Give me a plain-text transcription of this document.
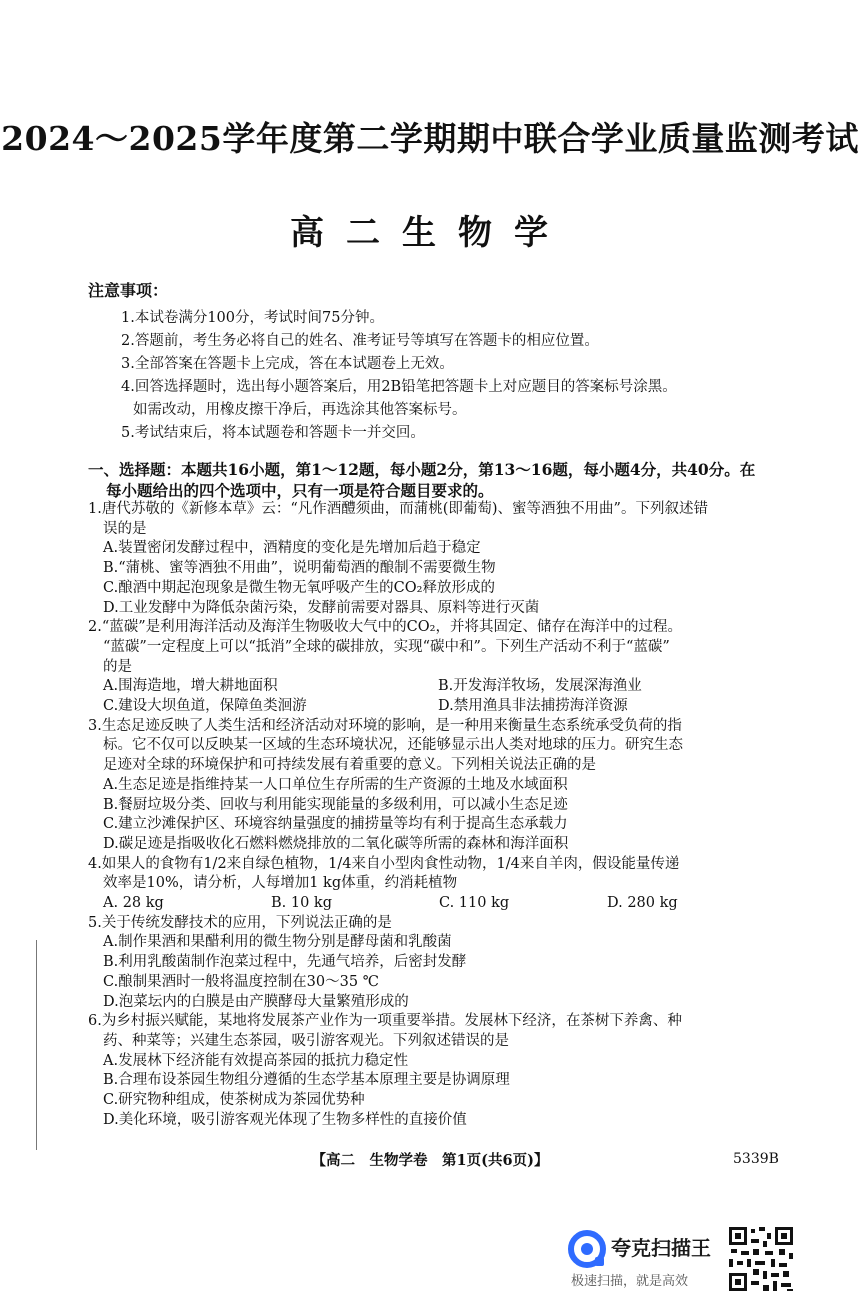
2024～2025学年度第二学期期中联合学业质量监测考试
高二生物学

注意事项：

1.本试卷满分100分，考试时间75分钟。

2.答题前，考生务必将自己的姓名、准考证号等填写在答题卡的相应位置。

3.全部答案在答题卡上完成，答在本试题卷上无效。

4.回答选择题时，选出每小题答案后，用2B铅笔把答题卡上对应题目的答案标号涂黑。

如需改动，用橡皮擦干净后，再选涂其他答案标号。

5.考试结束后，将本试题卷和答题卡一并交回。

一、选择题：本题共16小题，第1～12题，每小题2分，第13～16题，每小题4分，共40分。在
每小题给出的四个选项中，只有一项是符合题目要求的。

1.唐代苏敬的《新修本草》云：“凡作酒醴须曲，而蒲桃(即葡萄)、蜜等酒独不用曲”。下列叙述错
误的是
A.装置密闭发酵过程中，酒精度的变化是先增加后趋于稳定
B.“蒲桃、蜜等酒独不用曲”，说明葡萄酒的酿制不需要微生物
C.酿酒中期起泡现象是微生物无氧呼吸产生的CO₂释放形成的
D.工业发酵中为降低杂菌污染，发酵前需要对器具、原料等进行灭菌
2.“蓝碳”是利用海洋活动及海洋生物吸收大气中的CO₂，并将其固定、储存在海洋中的过程。
“蓝碳”一定程度上可以“抵消”全球的碳排放，实现“碳中和”。下列生产活动不利于“蓝碳”
的是
A.围海造地，增大耕地面积	B.开发海洋牧场，发展深海渔业
C.建设大坝鱼道，保障鱼类洄游	D.禁用渔具非法捕捞海洋资源
3.生态足迹反映了人类生活和经济活动对环境的影响，是一种用来衡量生态系统承受负荷的指
标。它不仅可以反映某一区域的生态环境状况，还能够显示出人类对地球的压力。研究生态
足迹对全球的环境保护和可持续发展有着重要的意义。下列相关说法正确的是
A.生态足迹是指维持某一人口单位生存所需的生产资源的土地及水域面积
B.餐厨垃圾分类、回收与利用能实现能量的多级利用，可以减小生态足迹
C.建立沙滩保护区、环境容纳量强度的捕捞量等均有利于提高生态承载力
D.碳足迹是指吸收化石燃料燃烧排放的二氧化碳等所需的森林和海洋面积
4.如果人的食物有1/2来自绿色植物，1/4来自小型肉食性动物，1/4来自羊肉，假设能量传递
效率是10%，请分析，人每增加1 kg体重，约消耗植物
A. 28 kg	B. 10 kg	C. 110 kg	D. 280 kg
5.关于传统发酵技术的应用，下列说法正确的是
A.制作果酒和果醋利用的微生物分别是酵母菌和乳酸菌
B.利用乳酸菌制作泡菜过程中，先通气培养，后密封发酵
C.酿制果酒时一般将温度控制在30～35 ℃
D.泡菜坛内的白膜是由产膜酵母大量繁殖形成的
6.为乡村振兴赋能，某地将发展茶产业作为一项重要举措。发展林下经济，在茶树下养禽、种
药、种菜等；兴建生态茶园，吸引游客观光。下列叙述错误的是
A.发展林下经济能有效提高茶园的抵抗力稳定性
B.合理布设茶园生物组分遵循的生态学基本原理主要是协调原理
C.研究物种组成，使茶树成为茶园优势种
D.美化环境，吸引游客观光体现了生物多样性的直接价值
【高二　生物学卷　第1页(共6页)】	5339B
夸克扫描王
极速扫描，就是高效
